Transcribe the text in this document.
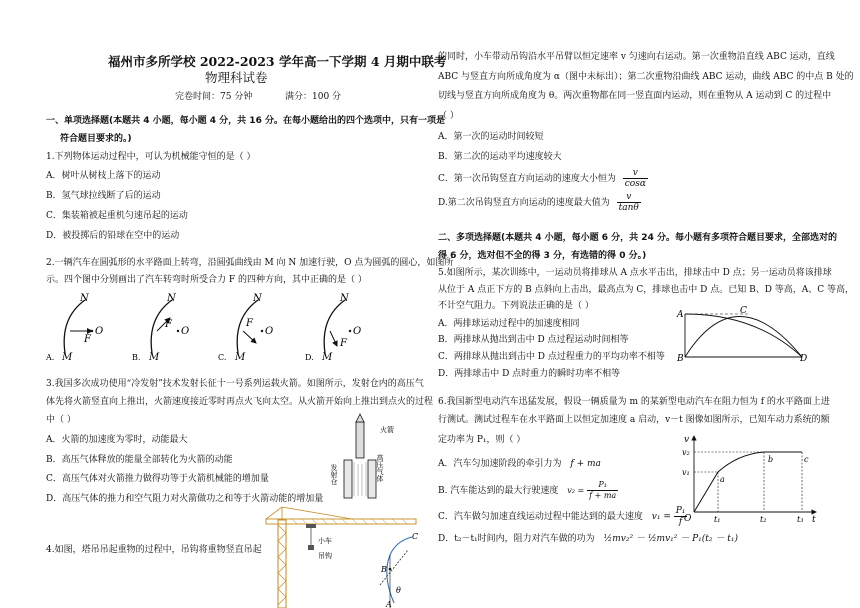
福州市多所学校 2022-2023 学年高一下学期 4 月期中联考
物理科试卷
完卷时间：75 分钟	满分：100 分
一、单项选择题(本题共 4 小题，每小题 4 分，共 16 分。在每小题给出的四个选项中，只有一项是
符合题目要求的。)
1.下列物体运动过程中，可认为机械能守恒的是（ ）
A．树叶从树枝上落下的运动
B．氢气球拉线断了后的运动
C．集装箱被起重机匀速吊起的运动
D．被投掷后的铅球在空中的运动
2.一辆汽车在圆弧形的水平路面上转弯，沿圆弧曲线由 M 向 N 加速行驶，O 点为圆弧的圆心，如图所
示。四个图中分别画出了汽车转弯时所受合力 F 的四种方向，其中正确的是（ ）
N
M
F
O
A.
N
M
F
O
B.
N
M
F
O
C.
N
M
F
O
D.
3.我国多次成功使用“冷发射”技术发射长征十一号系列运载火箭。如图所示，发射仓内的高压气
体先将火箭竖直向上推出，火箭速度接近零时再点火飞向太空。从火箭开始向上推出到点火的过程
中（ ）
A．火箭的加速度为零时，动能最大
B．高压气体释放的能量全部转化为火箭的动能
C．高压气体对火箭推力做得功等于火箭机械能的增加量
D．高压气体的推力和空气阻力对火箭做功之和等于火箭动能的增加量
火箭
高压气体
发射仓
4.如图，塔吊吊起重物的过程中，吊钩将重物竖直吊起
小车
吊钩
C
B
A
θ
的同时，小车带动吊钩沿水平吊臂以恒定速率 v 匀速向右运动。第一次重物沿直线 ABC 运动，直线
ABC 与竖直方向所成角度为 α（图中未标出）；第二次重物沿曲线 ABC 运动，曲线 ABC 的中点 B 处的
切线与竖直方向所成角度为 θ。两次重物都在同一竖直面内运动，则在重物从 A 运动到 C 的过程中
（ ）
A．第一次的运动时间较短
B．第二次的运动平均速度较大
C．第一次吊钩竖直方向运动的速度大小恒为 $\frac{v}{\cos\alpha}$
D.第二次吊钩竖直方向运动的速度最大值为 $\frac{v}{\tan\theta}$
二、多项选择题(本题共 4 小题，每小题 6 分，共 24 分。每小题有多项符合题目要求，全部选对的
得 6 分，选对但不全的得 3 分，有选错的得 0 分。)
5.如图所示，某次训练中，一运动员将排球从 A 点水平击出，排球击中 D 点；另一运动员将该排球
从位于 A 点正下方的 B 点斜向上击出，最高点为 C，排球也击中 D 点。已知 B、D 等高，A、C 等高，
不计空气阻力。下列说法正确的是（ ）
A．两排球运动过程中的加速度相同
B．两排球从抛出到击中 D 点过程运动时间相等
C．两排球从抛出到击中 D 点过程重力的平均功率不相等
D．两排球击中 D 点时重力的瞬时功率不相等
A
B
C
D
6.我国新型电动汽车迅猛发展，假设一辆质量为 m 的某新型电动汽车在阻力恒为 f 的水平路面上进
行测试。测试过程车在水平路面上以恒定加速度 a 启动，v－t 图像如图所示，已知车动力系统的额
定功率为 P₁，则（ ）
A．汽车匀加速阶段的牵引力为 f + ma
B. 汽车能达到的最大行驶速度 $v_2 = \frac{\text{P₁}}{f + ma}$
C．汽车做匀加速直线运动过程中能达到的最大速度 $v_1 = \frac{\text{P₁}}{f}$
D．t₂－t₁时间内，阻力对汽车做的功为 ½mv₂² － ½mv₁² － P₁(t₂ － t₁)
v
t
O
v₁
v₂
t₁	t₂	t₃
a
b	c
